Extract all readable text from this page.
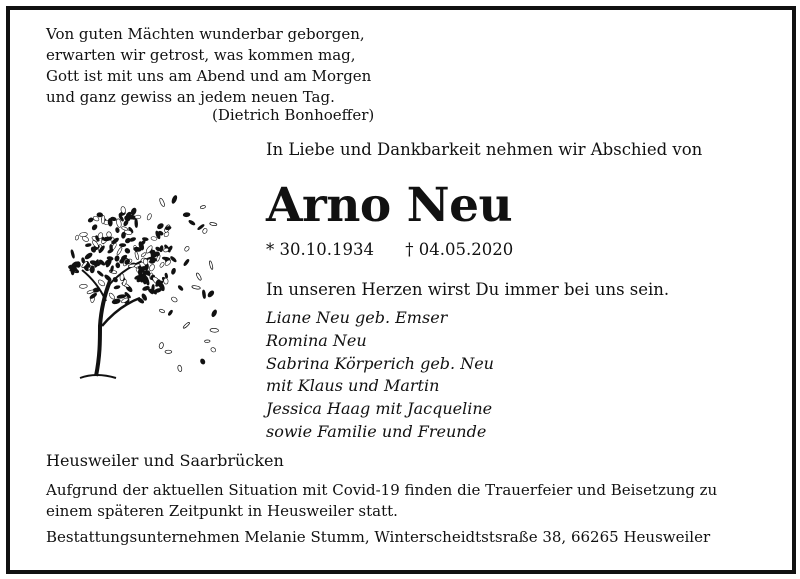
Von guten Mächten wunderbar geborgen,
erwarten wir getrost, was kommen mag,
Gott ist mit uns am Abend und am Morgen
und ganz gewiss an jedem neuen Tag.
(Dietrich Bonhoeffer)
In Liebe und Dankbarkeit nehmen wir Abschied von
Arno Neu
* 30.10.1934 † 04.05.2020
In unseren Herzen wirst Du immer bei uns sein.
Liane Neu geb. Emser
Romina Neu
Sabrina Körperich geb. Neu
mit Klaus und Martin
Jessica Haag mit Jacqueline
sowie Familie und Freunde
Heusweiler und Saarbrücken
Aufgrund der aktuellen Situation mit Covid-19 finden die Trauerfeier und Beisetzung zu
einem späteren Zeitpunkt in Heusweiler statt.
Bestattungsunternehmen Melanie Stumm, Winterscheidtstsraße 38, 66265 Heusweiler
